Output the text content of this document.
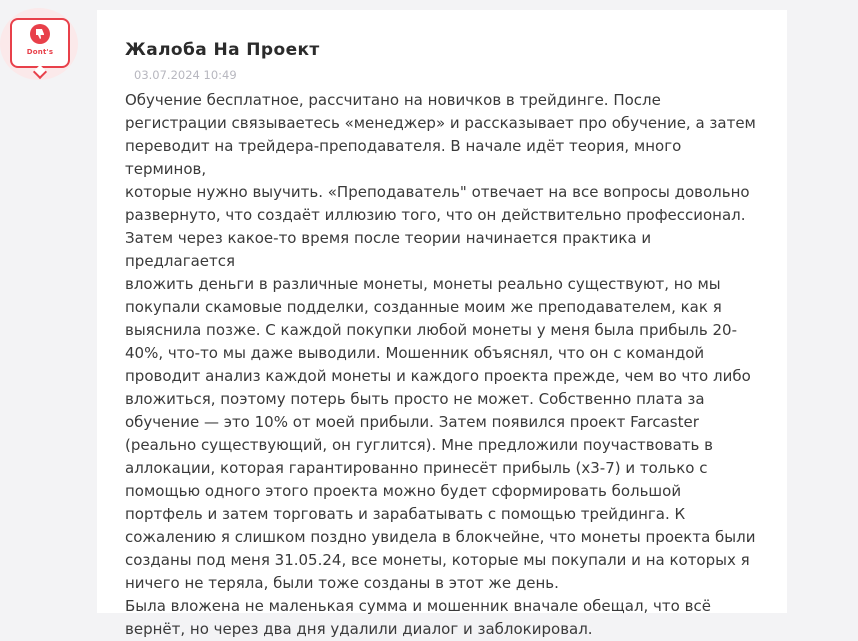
Dont's	Жалоба На Проект
03.07.2024 10:49

Обучение бесплатное, рассчитано на новичков в трейдинге. После
регистрации связываетесь «менеджер» и рассказывает про обучение, а затем
переводит на трейдера-преподавателя. В начале идёт теория, много терминов,
которые нужно выучить. «Преподаватель" отвечает на все вопросы довольно
развернуто, что создаёт иллюзию того, что он действительно профессионал.
Затем через какое-то время после теории начинается практика и предлагается
вложить деньги в различные монеты, монеты реально существуют, но мы
покупали скамовые подделки, созданные моим же преподавателем, как я
выяснила позже. С каждой покупки любой монеты у меня была прибыль 20-
40%, что-то мы даже выводили. Мошенник объяснял, что он с командой
проводит анализ каждой монеты и каждого проекта прежде, чем во что либо
вложиться, поэтому потерь быть просто не может. Собственно плата за
обучение — это 10% от моей прибыли. Затем появился проект Farcaster
(реально существующий, он гуглится). Мне предложили поучаствовать в
аллокации, которая гарантированно принесёт прибыль (x3-7) и только с
помощью одного этого проекта можно будет сформировать большой
портфель и затем торговать и зарабатывать с помощью трейдинга. К
сожалению я слишком поздно увидела в блокчейне, что монеты проекта были
созданы под меня 31.05.24, все монеты, которые мы покупали и на которых я
ничего не теряла, были тоже созданы в этот же день.

Была вложена не маленькая сумма и мошенник вначале обещал, что всё
вернёт, но через два дня удалили диалог и заблокировал.
